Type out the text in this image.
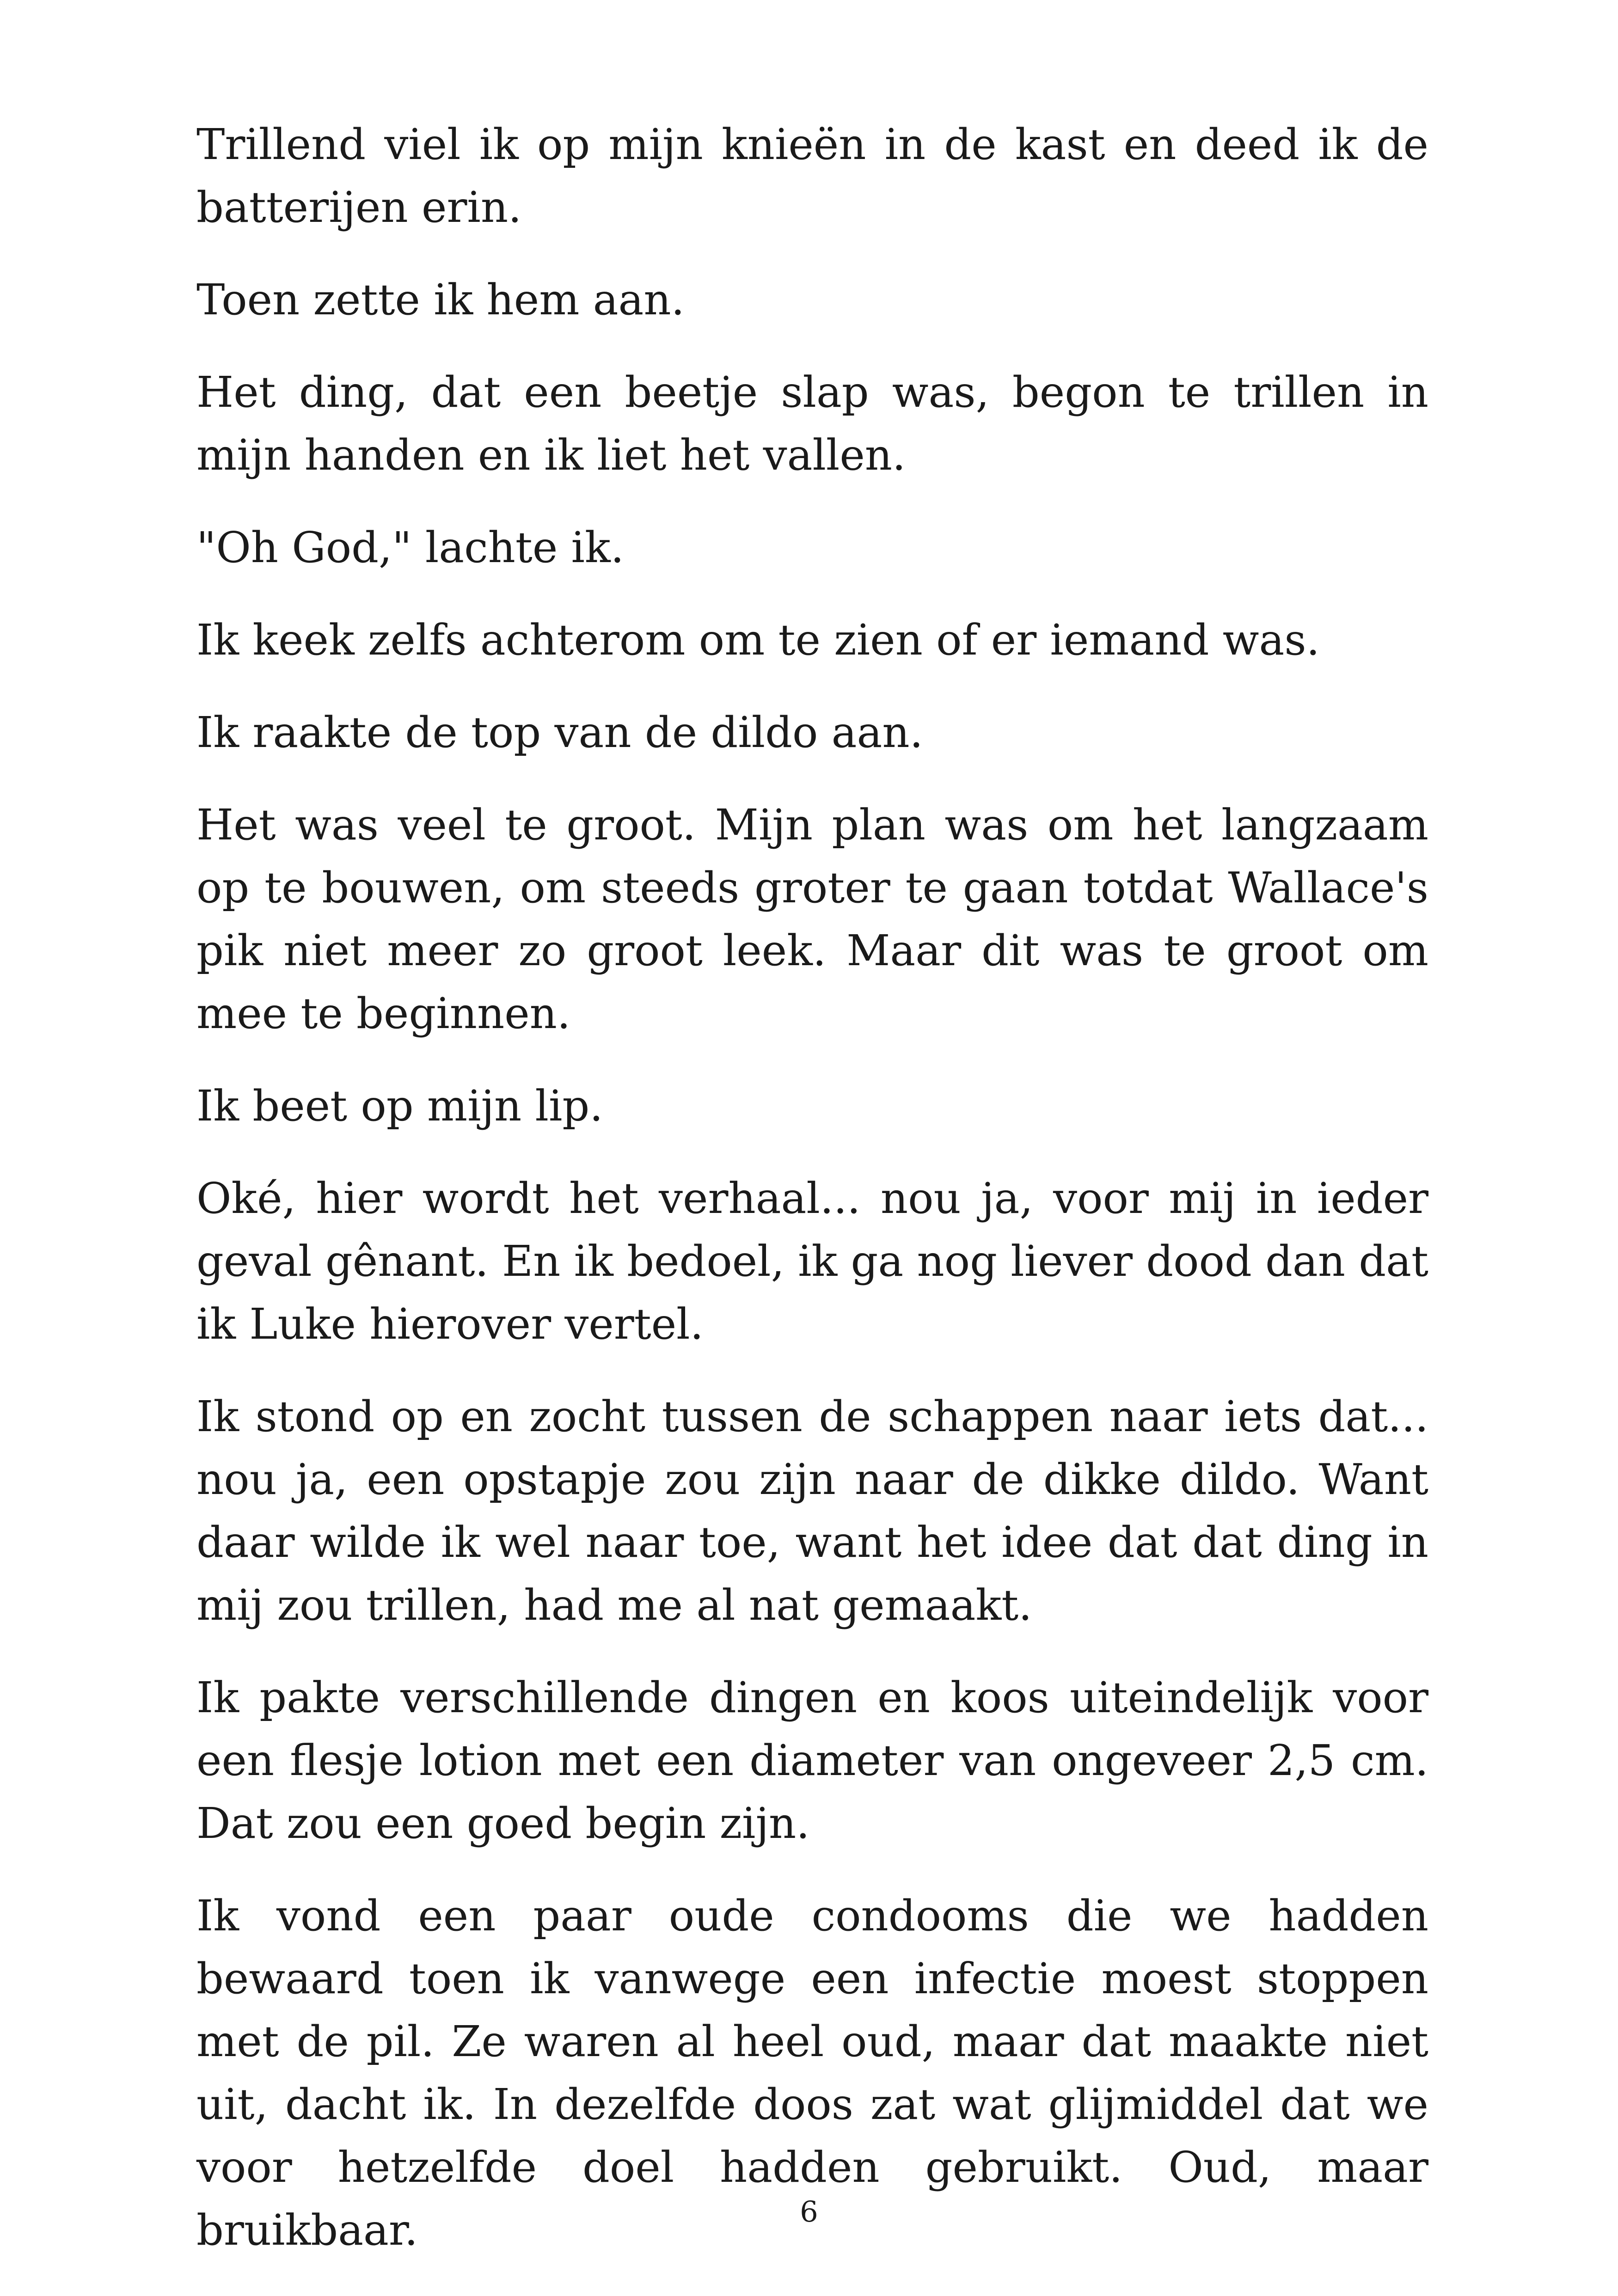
Trillend viel ik op mijn knieën in de kast en deed ik de batterijen erin.

Toen zette ik hem aan.

Het ding, dat een beetje slap was, begon te trillen in mijn handen en ik liet het vallen.

"Oh God," lachte ik.

Ik keek zelfs achterom om te zien of er iemand was.

Ik raakte de top van de dildo aan.

Het was veel te groot. Mijn plan was om het langzaam op te bouwen, om steeds groter te gaan totdat Wallace's pik niet meer zo groot leek. Maar dit was te groot om mee te beginnen.

Ik beet op mijn lip.

Oké, hier wordt het verhaal... nou ja, voor mij in ieder geval gênant. En ik bedoel, ik ga nog liever dood dan dat ik Luke hierover vertel.

Ik stond op en zocht tussen de schappen naar iets dat... nou ja, een opstapje zou zijn naar de dikke dildo. Want daar wilde ik wel naar toe, want het idee dat dat ding in mij zou trillen, had me al nat gemaakt.

Ik pakte verschillende dingen en koos uiteindelijk voor een flesje lotion met een diameter van ongeveer 2,5 cm. Dat zou een goed begin zijn.

Ik vond een paar oude condooms die we hadden bewaard toen ik vanwege een infectie moest stoppen met de pil. Ze waren al heel oud, maar dat maakte niet uit, dacht ik. In dezelfde doos zat wat glijmiddel dat we voor hetzelfde doel hadden gebruikt. Oud, maar bruikbaar.	6
